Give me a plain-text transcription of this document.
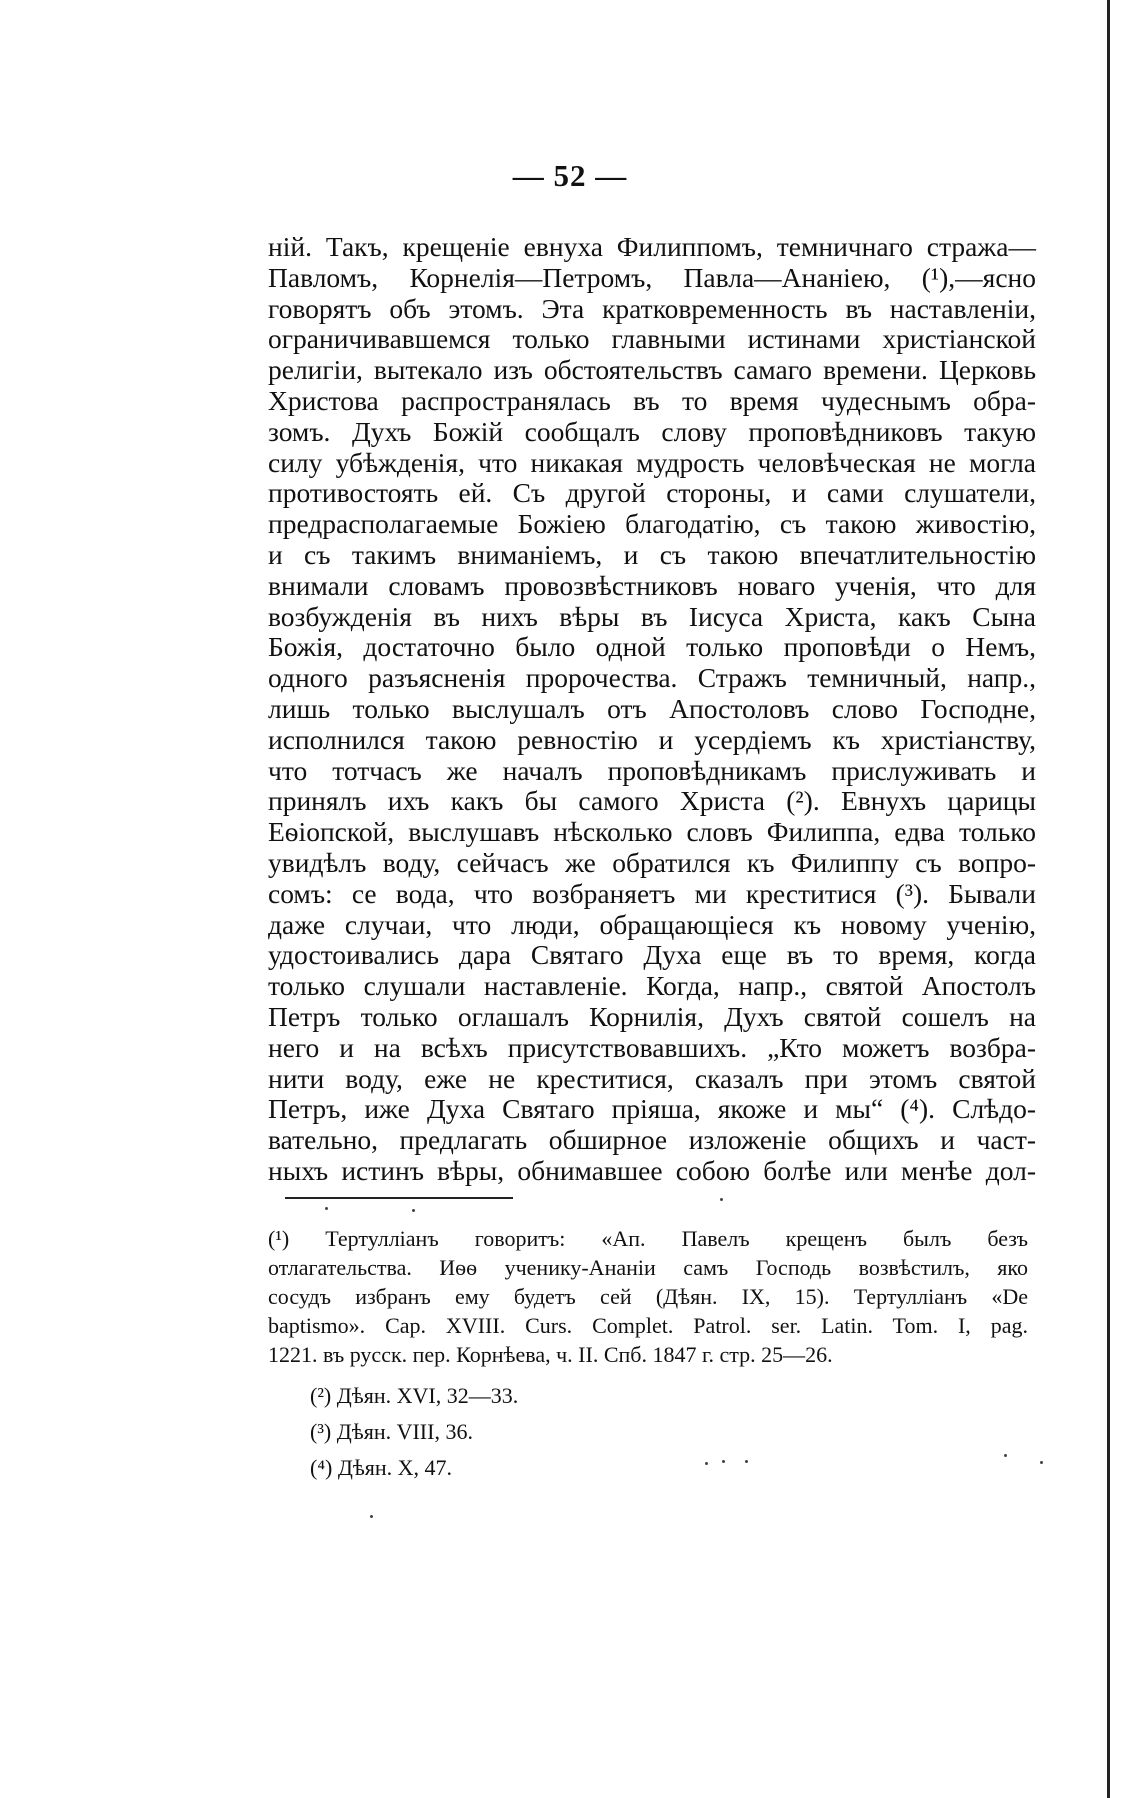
— 52 —
ній. Такъ, крещеніе евнуха Филиппомъ, темничнаго стража—
Павломъ, Корнелія—Петромъ, Павла—Ананіею, (¹),—ясно
говорятъ объ этомъ. Эта кратковременность въ наставленіи,
ограничивавшемся только главными истинами христіанской
религіи, вытекало изъ обстоятельствъ самаго времени. Церковь
Христова распространялась въ то время чудеснымъ обра-
зомъ. Духъ Божій сообщалъ слову проповѣдниковъ такую
силу убѣжденія, что никакая мудрость человѣческая не могла
противостоять ей. Съ другой стороны, и сами слушатели,
предрасполагаемые Божіею благодатію, съ такою живостію,
и съ такимъ вниманіемъ, и съ такою впечатлительностію
внимали словамъ провозвѣстниковъ новаго ученія, что для
возбужденія въ нихъ вѣры въ Іисуса Христа, какъ Сына
Божія, достаточно было одной только проповѣди о Немъ,
одного разъясненія пророчества. Стражъ темничный, напр.,
лишь только выслушалъ отъ Апостоловъ слово Господне,
исполнился такою ревностію и усердіемъ къ христіанству,
что тотчасъ же началъ проповѣдникамъ прислуживать и
принялъ ихъ какъ бы самого Христа (²). Евнухъ царицы
Еѳіопской, выслушавъ нѣсколько словъ Филиппа, едва только
увидѣлъ воду, сейчасъ же обратился къ Филиппу съ вопро-
сомъ: се вода, что возбраняетъ ми креститися (³). Бывали
даже случаи, что люди, обращающіеся къ новому ученію,
удостоивались дара Святаго Духа еще въ то время, когда
только слушали наставленіе. Когда, напр., святой Апостолъ
Петръ только оглашалъ Корнилія, Духъ святой сошелъ на
него и на всѣхъ присутствовавшихъ. „Кто можетъ возбра-
нити воду, еже не креститися, сказалъ при этомъ святой
Петръ, иже Духа Святаго пріяша, якоже и мы“ (⁴). Слѣдо-
вательно, предлагать обширное изложеніе общихъ и част-
ныхъ истинъ вѣры, обнимавшее собою болѣе или менѣе дол-
(¹) Тертулліанъ говоритъ: «Ап. Павелъ крещенъ былъ безъ
отлагательства. Иѳѳ ученику-Ананіи самъ Господь возвѣстилъ, яко
сосудъ избранъ ему будетъ сей (Дѣян. IX, 15). Тертулліанъ «De
baptismo». Cap. XVIII. Curs. Complet. Patrol. ser. Latin. Tom. I, pag.
1221. въ русск. пер. Корнѣева, ч. II. Спб. 1847 г. стр. 25—26.
(²) Дѣян. XVI, 32—33.
(³) Дѣян. VIII, 36.
(⁴) Дѣян. X, 47.
